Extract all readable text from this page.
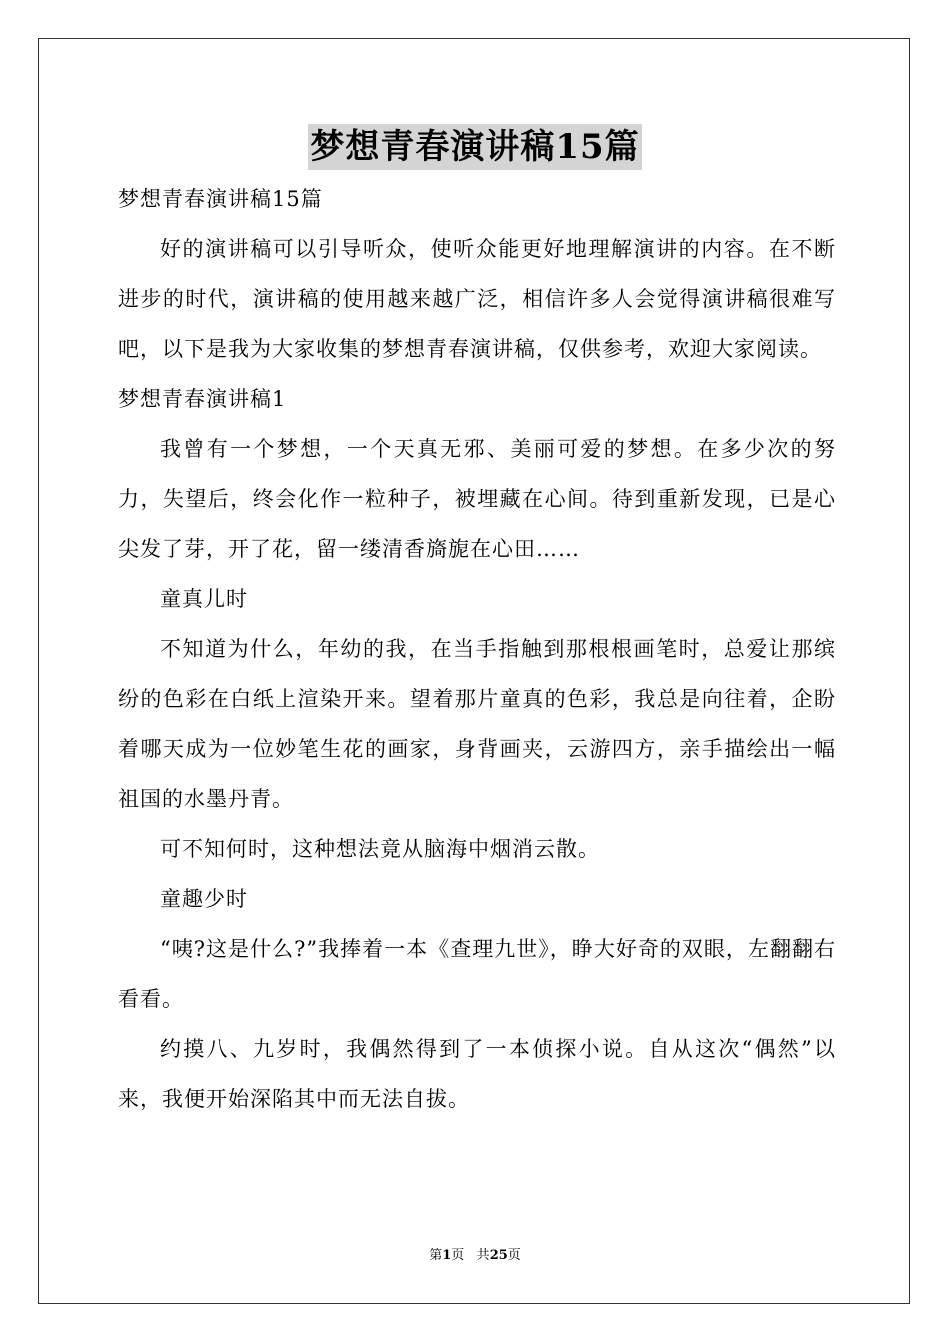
梦想青春演讲稿15篇

梦想青春演讲稿15篇

好的演讲稿可以引导听众，使听众能更好地理解演讲的内容。在不断进步的时代，演讲稿的使用越来越广泛，相信许多人会觉得演讲稿很难写吧，以下是我为大家收集的梦想青春演讲稿，仅供参考，欢迎大家阅读。

梦想青春演讲稿1

我曾有一个梦想，一个天真无邪、美丽可爱的梦想。在多少次的努力，失望后，终会化作一粒种子，被埋藏在心间。待到重新发现，已是心尖发了芽，开了花，留一缕清香旖旎在心田……

童真儿时

不知道为什么，年幼的我，在当手指触到那根根画笔时，总爱让那缤纷的色彩在白纸上渲染开来。望着那片童真的色彩，我总是向往着，企盼着哪天成为一位妙笔生花的画家，身背画夹，云游四方，亲手描绘出一幅祖国的水墨丹青。

可不知何时，这种想法竟从脑海中烟消云散。

童趣少时

“咦?这是什么?”我捧着一本《查理九世》，睁大好奇的双眼，左翻翻右看看。

约摸八、九岁时，我偶然得到了一本侦探小说。自从这次“偶然”以来，我便开始深陷其中而无法自拔。

第1页 共25页
